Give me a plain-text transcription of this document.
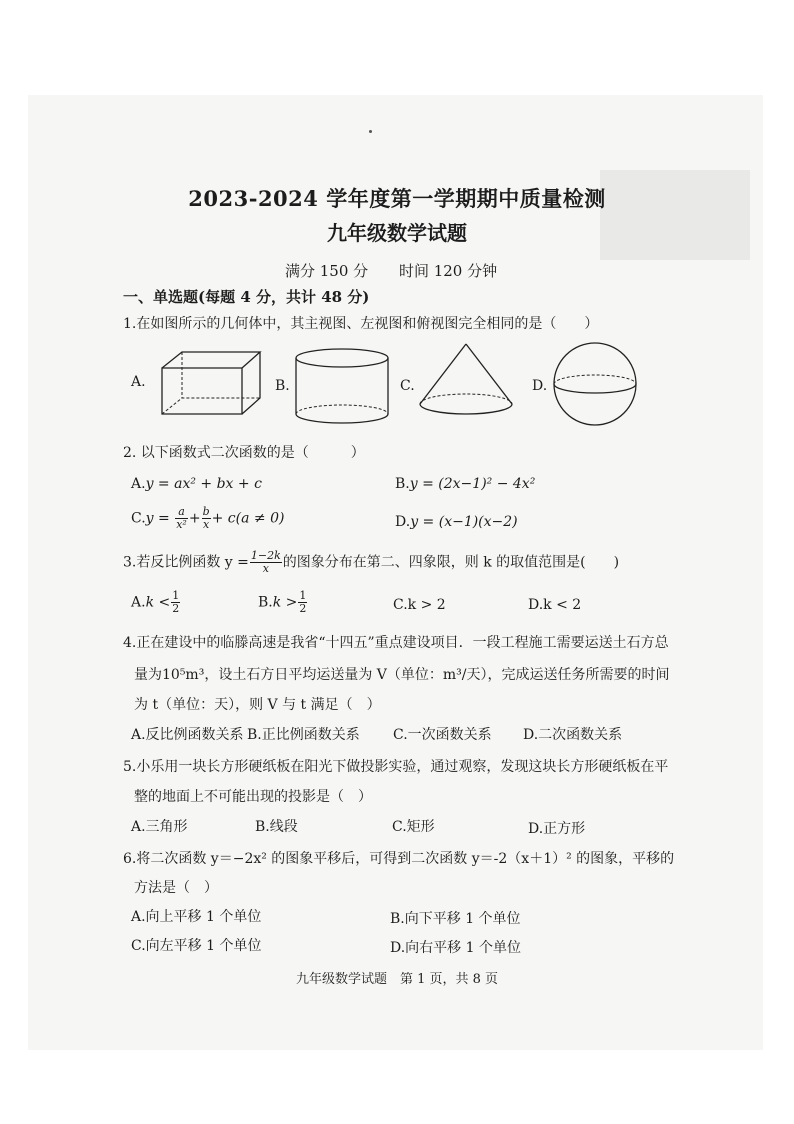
2023-2024 学年度第一学期期中质量检测
九年级数学试题
满分 150 分 时间 120 分钟
一、单选题(每题 4 分，共计 48 分)
1.在如图所示的几何体中，其主视图、左视图和俯视图完全相同的是（　　）
A.	B.	C.	D.
2. 以下函数式二次函数的是（　　　）
A.y = ax² + bx + c	B.y = (2x−1)² − 4x²
$C.y = \frac{a}{\text{x²}} + \frac{b}{x} + c(a \ne 0)$	D.y = (x−1)(x−2)
3.若反比例函数 $y = \frac{1-2k}{x}$ 的图象分布在第二、四象限，则 k 的取值范围是(　　)
$A.k < \frac{1}{2}$	$B.k > \frac{1}{2}$	C.k > 2	D.k < 2
4.正在建设中的临滕高速是我省“十四五”重点建设项目．一段工程施工需要运送土石方总
量为10⁵m³，设土石方日平均运送量为 V（单位：m³/天），完成运送任务所需要的时间
为 t（单位：天），则 V 与 t 满足（　）
A.反比例函数关系 B.正比例函数关系 C.一次函数关系 D.二次函数关系
5.小乐用一块长方形硬纸板在阳光下做投影实验，通过观察，发现这块长方形硬纸板在平
整的地面上不可能出现的投影是（　）
A.三角形	B.线段	C.矩形	D.正方形
6.将二次函数 y＝−2x² 的图象平移后，可得到二次函数 y＝-2（x＋1）² 的图象，平移的
方法是（　）
A.向上平移 1 个单位	B.向下平移 1 个单位
C.向左平移 1 个单位	D.向右平移 1 个单位
九年级数学试题　第 1 页，共 8 页
